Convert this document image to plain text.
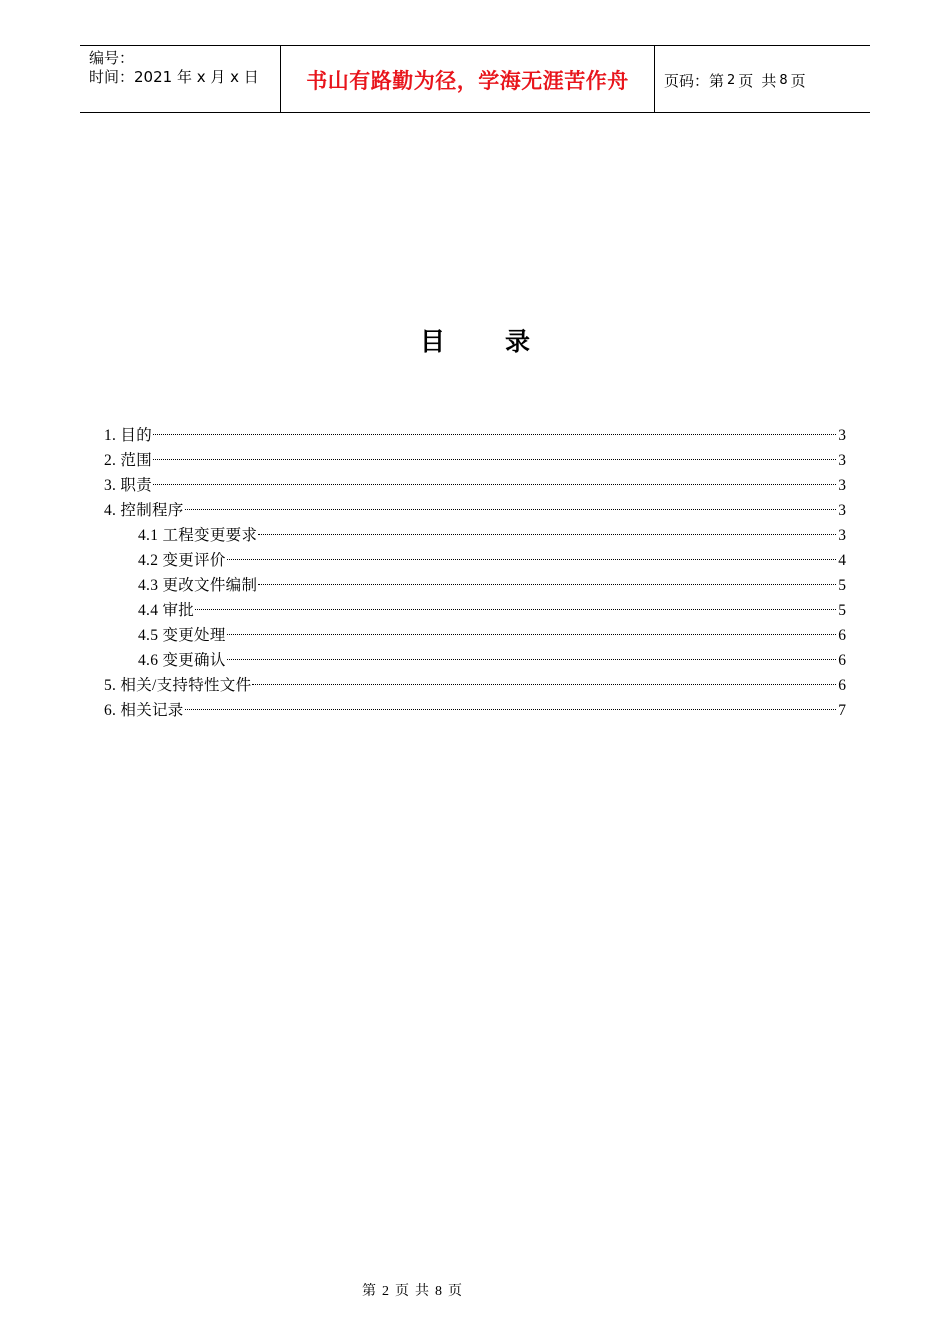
编号：
时间：2021 年 x 月 x 日	书山有路勤为径，学海无涯苦作舟 页码：第 2 页 共 8 页
目 录
1. 目的	3
2. 范围	3
3. 职责	3
4. 控制程序	3
4.1 工程变更要求	3
4.2 变更评价	4
4.3 更改文件编制	5
4.4 审批	5
4.5 变更处理	6
4.6 变更确认	6
5. 相关/支持特性文件	6
6. 相关记录	7
第 2 页 共 8 页
